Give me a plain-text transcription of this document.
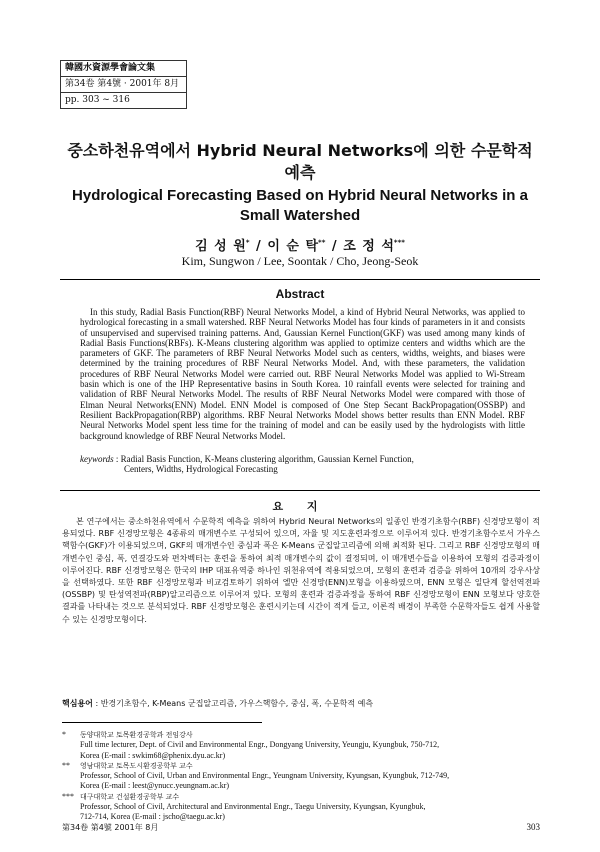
韓國水資源學會論文集
第34卷 第4號 · 2001年 8月
pp. 303 ~ 316
중소하천유역에서 Hybrid Neural Networks에 의한 수문학적 예측
Hydrological Forecasting Based on Hybrid Neural Networks in a Small Watershed
김 성 원* / 이 순 탁** / 조 정 석***
Kim, Sungwon / Lee, Soontak / Cho, Jeong-Seok
Abstract

In this study, Radial Basis Function(RBF) Neural Networks Model, a kind of Hybrid Neural Networks, was applied to hydrological forecasting in a small watershed. RBF Neural Networks Model has four kinds of parameters in it and consists of unsupervised and supervised training patterns. And, Gaussian Kernel Function(GKF) was used among many kinds of Radial Basis Functions(RBFs). K-Means clustering algorithm was applied to optimize centers and widths which are the parameters of GKF. The parameters of RBF Neural Networks Model such as centers, widths, weights, and biases were determined by the training procedures of RBF Neural Networks Model. And, with these parameters, the validation procedures of RBF Neural Networks Model were carried out. RBF Neural Networks Model was applied to Wi-Stream basin which is one of the IHP Representative basins in South Korea. 10 rainfall events were selected for training and validation of RBF Neural Networks Model. The results of RBF Neural Networks Model were compared with those of Elman Neural Networks(ENN) Model. ENN Model is composed of One Step Secant BackPropagation(OSSBP) and Resilient BackPropagation(RBP) algorithms. RBF Neural Networks Model shows better results than ENN Model. RBF Neural Networks Model spent less time for the training of model and can be easily used by the hydrologists with little background knowledge of RBF Neural Networks Model.

keywords : Radial Basis Function, K-Means clustering algorithm, Gaussian Kernel Function,
Centers, Widths, Hydrological Forecasting
요 지

본 연구에서는 중소하천유역에서 수문학적 예측을 위하여 Hybrid Neural Networks의 일종인 반경기초함수(RBF) 신경망모형이 적용되었다. RBF 신경망모형은 4종류의 매개변수로 구성되어 있으며, 자율 및 지도훈련과정으로 이루어져 있다. 반경기초함수로서 가우스핵함수(GKF)가 이용되었으며, GKF의 매개변수인 중심과 폭은 K-Means 군집알고리즘에 의해 최적화 된다. 그리고 RBF 신경망모형의 매개변수인 중심, 폭, 연결강도와 편차벡터는 훈련을 통하여 최적 매개변수의 값이 결정되며, 이 매개변수들을 이용하여 모형의 검증과정이 이루어진다. RBF 신경망모형은 한국의 IHP 대표유역중 하나인 위천유역에 적용되었으며, 모형의 훈련과 검증을 위하여 10개의 강우사상을 선택하였다. 또한 RBF 신경망모형과 비교검토하기 위하여 엘만 신경망(ENN)모형을 이용하였으며, ENN 모형은 일단계 할선역전파(OSSBP) 및 탄성역전파(RBP)알고리즘으로 이루어져 있다. 모형의 훈련과 검증과정을 통하여 RBF 신경망모형이 ENN 모형보다 양호한 결과를 나타내는 것으로 분석되었다. RBF 신경망모형은 훈련시키는데 시간이 적게 들고, 이론적 배경이 부족한 수문학자들도 쉽게 사용할 수 있는 신경망모형이다.

핵심용어 : 반경기초함수, K-Means 군집알고리즘, 가우스핵함수, 중심, 폭, 수문학적 예측
*	동양대학교 토목환경공학과 전임강사
Full time lecturer, Dept. of Civil and Environmental Engr., Dongyang University, Yeungju, Kyungbuk, 750-712,
Korea (E-mail : swkim68@phenix.dyu.ac.kr)
**	영남대학교 토목도시환경공학부 교수
Professor, School of Civil, Urban and Environmental Engr., Yeungnam University, Kyungsan, Kyungbuk, 712-749,
Korea (E-mail : leest@ynucc.yeungnam.ac.kr)
*** 대구대학교 건설환경공학부 교수
Professor, School of Civil, Architectural and Environmental Engr., Taegu University, Kyungsan, Kyungbuk,
712-714, Korea (E-mail : jscho@taegu.ac.kr)
第34卷 第4號 2001年 8月	303
